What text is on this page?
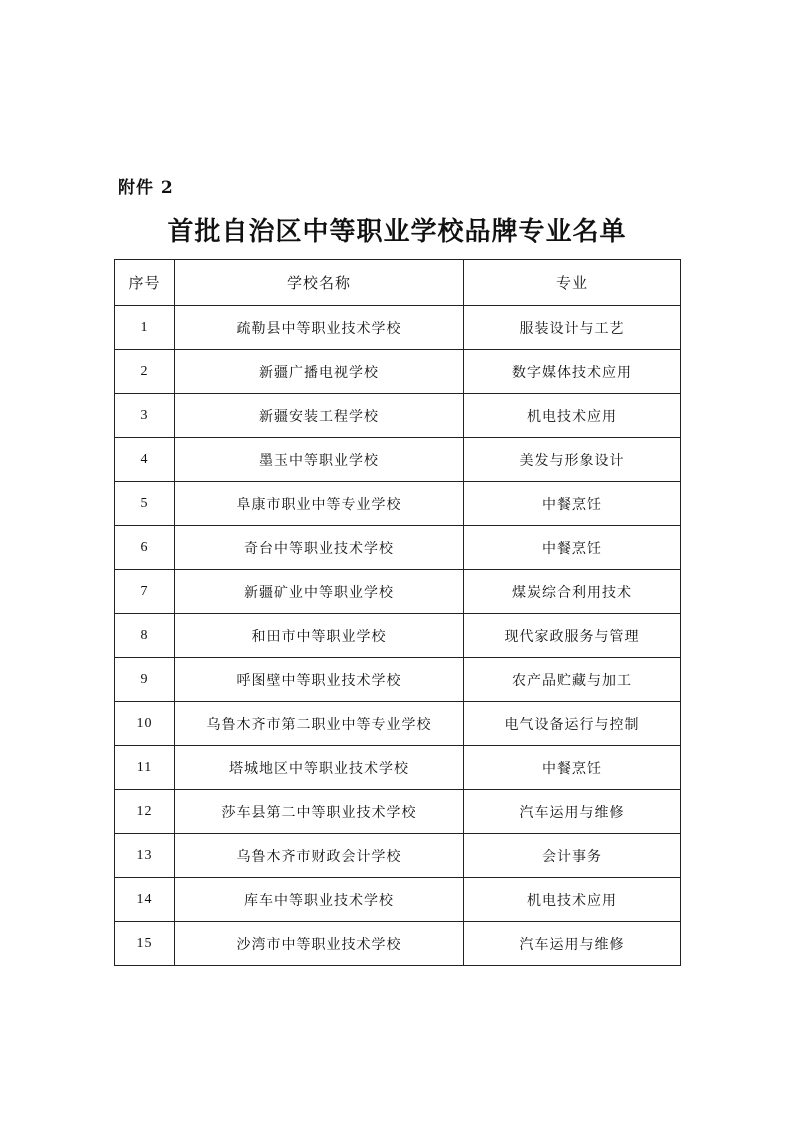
附件 2
首批自治区中等职业学校品牌专业名单
序号	学校名称	专业
1	疏勒县中等职业技术学校	服装设计与工艺
2	新疆广播电视学校	数字媒体技术应用
3	新疆安装工程学校	机电技术应用
4	墨玉中等职业学校	美发与形象设计
5	阜康市职业中等专业学校	中餐烹饪
6	奇台中等职业技术学校	中餐烹饪
7	新疆矿业中等职业学校	煤炭综合利用技术
8	和田市中等职业学校	现代家政服务与管理
9	呼图壁中等职业技术学校	农产品贮藏与加工
10	乌鲁木齐市第二职业中等专业学校	电气设备运行与控制
11	塔城地区中等职业技术学校	中餐烹饪
12	莎车县第二中等职业技术学校	汽车运用与维修
13	乌鲁木齐市财政会计学校	会计事务
14	库车中等职业技术学校	机电技术应用
15	沙湾市中等职业技术学校	汽车运用与维修
